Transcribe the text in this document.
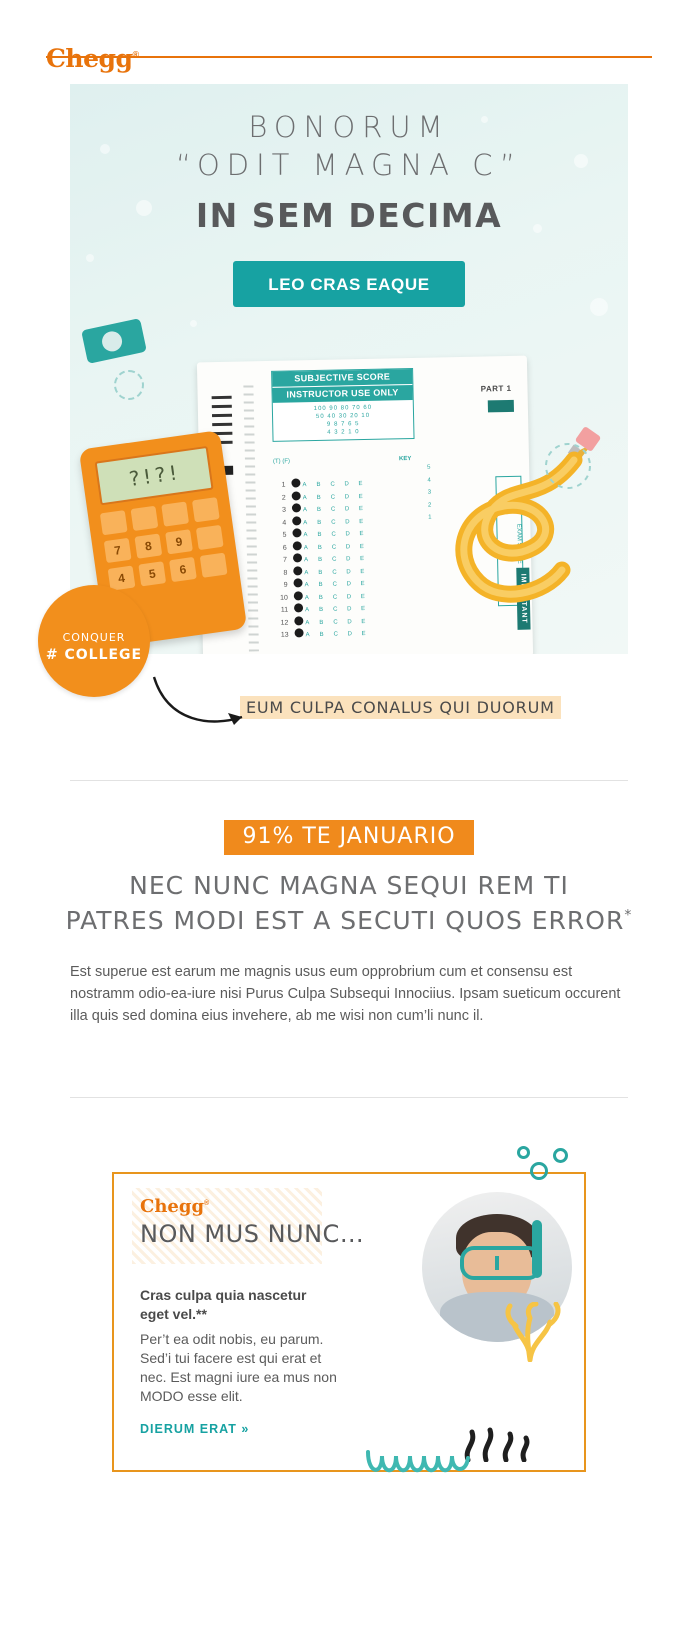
Chegg®
BONORUM
“ODIT MAGNA C”
IN SEM DECIMA
LEO CRAS EAQUE
SUBJECTIVE SCORE
INSTRUCTOR USE ONLY
100 90 80 70 60
50 40 30 20 10
9 8 7 6 5
4 3 2 1 0
PART 1
(T) (F)	KEY
1	A B C D E
2	A B C D E
3	A B C D E
4	A B C D E
5	A B C D E
6	A B C D E
7	A B C D E
8	A B C D E
9	A B C D E
10	A B C D E
11	A B C D E
12	A B C D E
13	A B C D E
5
4
3
2
1
EXAM SCORE
IMPORTANT
?!?!
7	8	9
4	5	6
CONQUER
# COLLEGE
EUM CULPA CONALUS QUI DUORUM
91% TE JANUARIO
NEC NUNC MAGNA SEQUI REM TI
PATRES MODI EST A SECUTI QUOS ERROR*
Est superue est earum me magnis usus eum opprobrium cum et consensu est nostramm odio-ea-iure nisi Purus Culpa Subsequi Innociius. Ipsam sueticum occurent illa quis sed domina eius invehere, ab me wisi non cum’li nunc il.
Chegg®
NON MUS NUNC…
Cras culpa quia nascetur eget vel.**
Per’t ea odit nobis, eu parum. Sed’i tui facere est qui erat et nec. Est magni iure ea mus non MODO esse elit.
DIERUM ERAT »
